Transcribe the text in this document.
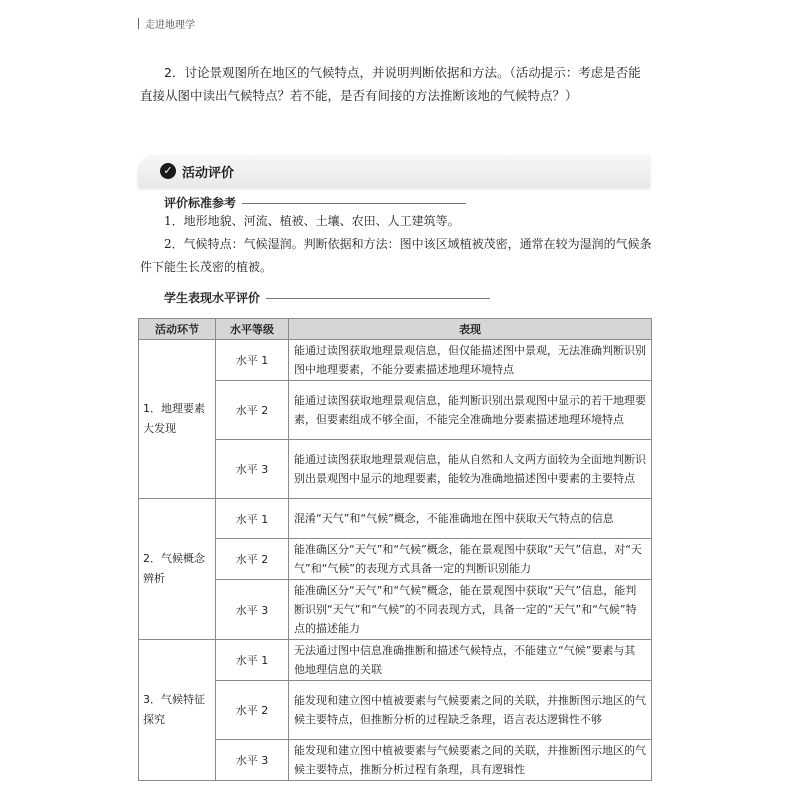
走进地理学
2．讨论景观图所在地区的气候特点，并说明判断依据和方法。（活动提示：考虑是否能直接从图中读出气候特点？若不能，是否有间接的方法推断该地的气候特点？）
✓ 活动评价
评价标准参考
1．地形地貌、河流、植被、土壤、农田、人工建筑等。
2．气候特点：气候湿润。判断依据和方法：图中该区域植被茂密，通常在较为湿润的气候条件下能生长茂密的植被。
学生表现水平评价
活动环节	水平等级	表现
1．地理要素大发现	水平 1	能通过读图获取地理景观信息，但仅能描述图中景观，无法准确判断识别图中地理要素，不能分要素描述地理环境特点
	水平 2	能通过读图获取地理景观信息，能判断识别出景观图中显示的若干地理要素，但要素组成不够全面，不能完全准确地分要素描述地理环境特点
	水平 3	能通过读图获取地理景观信息，能从自然和人文两方面较为全面地判断识别出景观图中显示的地理要素，能较为准确地描述图中要素的主要特点
2．气候概念辨析	水平 1	混淆“天气”和“气候”概念，不能准确地在图中获取天气特点的信息
	水平 2	能准确区分“天气”和“气候”概念，能在景观图中获取“天气”信息，对“天气”和“气候”的表现方式具备一定的判断识别能力
	水平 3	能准确区分“天气”和“气候”概念，能在景观图中获取“天气”信息，能判断识别“天气”和“气候”的不同表现方式，具备一定的“天气”和“气候”特点的描述能力
3．气候特征探究	水平 1	无法通过图中信息准确推断和描述气候特点，不能建立“气候”要素与其他地理信息的关联
	水平 2	能发现和建立图中植被要素与气候要素之间的关联，并推断图示地区的气候主要特点，但推断分析的过程缺乏条理，语言表达逻辑性不够
	水平 3	能发现和建立图中植被要素与气候要素之间的关联，并推断图示地区的气候主要特点，推断分析过程有条理，具有逻辑性
